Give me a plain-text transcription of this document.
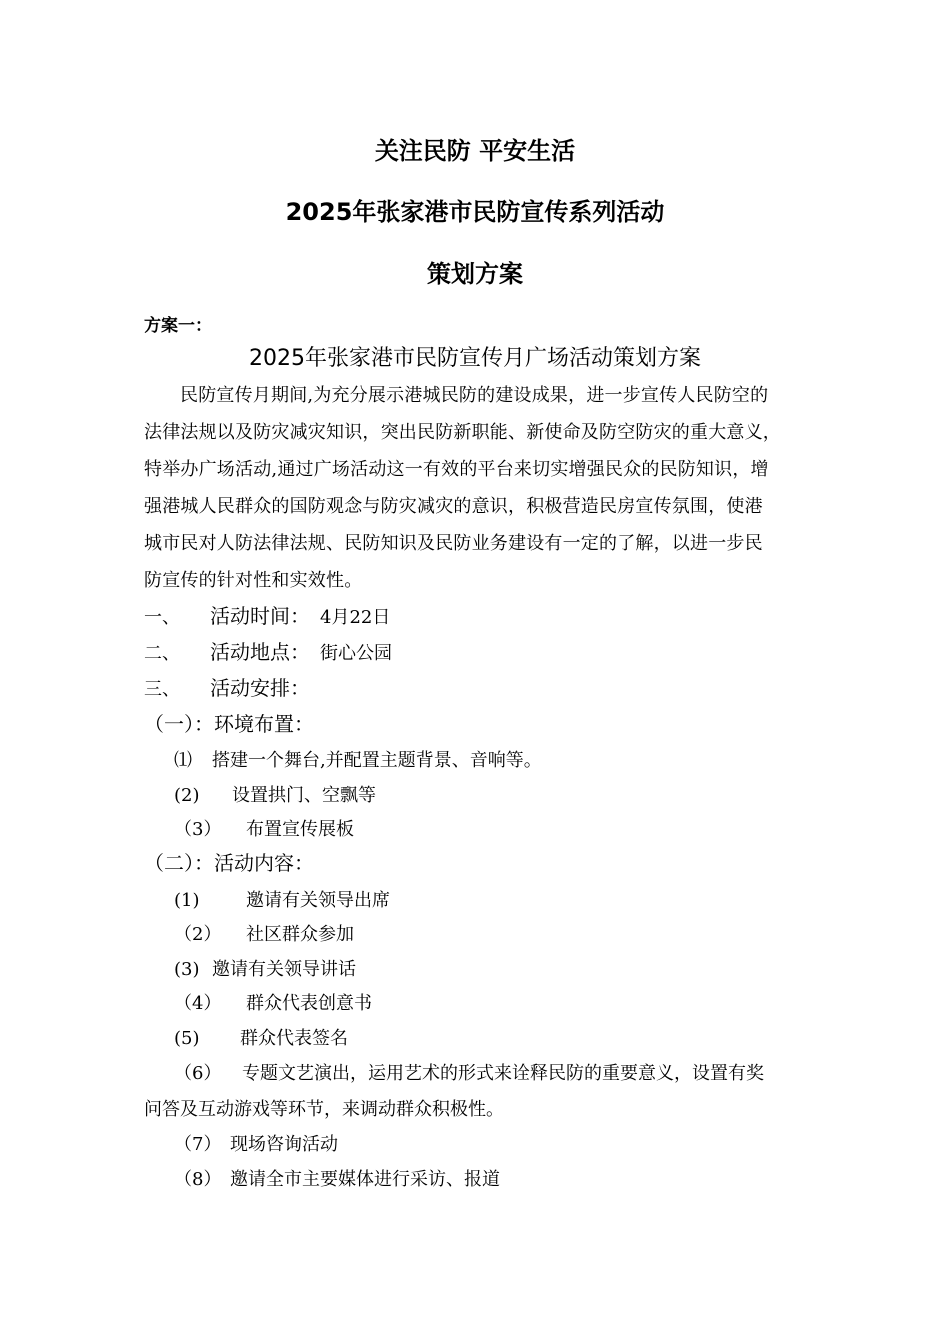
关注民防 平安生活
2025年张家港市民防宣传系列活动
策划方案
方案一：
2025年张家港市民防宣传月广场活动策划方案
民防宣传月期间,为充分展示港城民防的建设成果，进一步宣传人民防空的
法律法规以及防灾减灾知识，突出民防新职能、新使命及防空防灾的重大意义，
特举办广场活动,通过广场活动这一有效的平台来切实增强民众的民防知识，增
强港城人民群众的国防观念与防灾减灾的意识，积极营造民房宣传氛围，使港
城市民对人防法律法规、民防知识及民防业务建设有一定的了解，以进一步民
防宣传的针对性和实效性。
一、 活动时间： 4月22日
二、 活动地点： 街心公园
三、 活动安排：
（一）：环境布置：
⑴ 搭建一个舞台,并配置主题背景、音响等。
(2) 设置拱门、空飘等
（3） 布置宣传展板
（二）：活动内容：
(1)	邀请有关领导出席
（2） 社区群众参加
(3) 邀请有关领导讲话
（4） 群众代表创意书
(5) 群众代表签名
（6） 专题文艺演出，运用艺术的形式来诠释民防的重要意义，设置有奖
问答及互动游戏等环节，来调动群众积极性。
（7） 现场咨询活动
（8） 邀请全市主要媒体进行采访、报道
